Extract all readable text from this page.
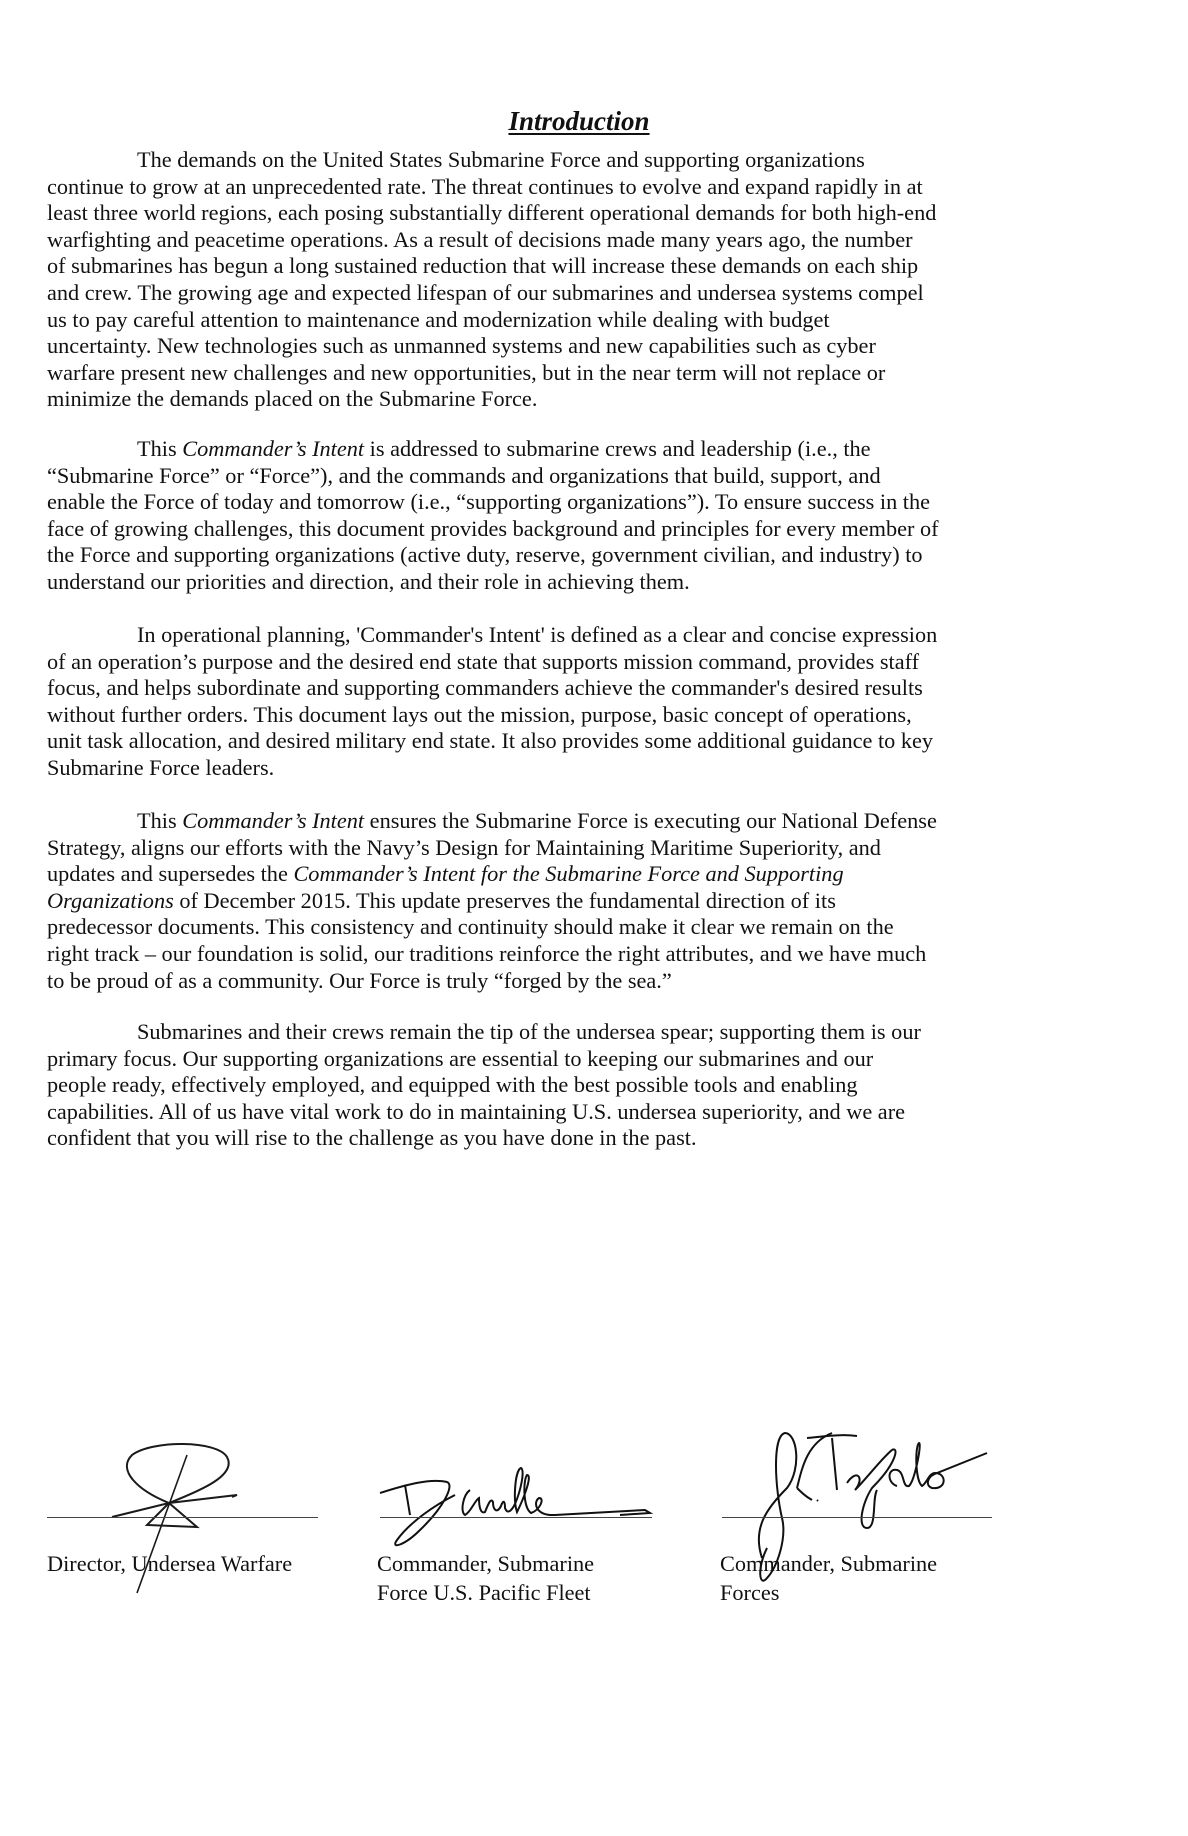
Introduction
The demands on the United States Submarine Force and supporting organizations
continue to grow at an unprecedented rate. The threat continues to evolve and expand rapidly in at
least three world regions, each posing substantially different operational demands for both high-end
warfighting and peacetime operations. As a result of decisions made many years ago, the number
of submarines has begun a long sustained reduction that will increase these demands on each ship
and crew. The growing age and expected lifespan of our submarines and undersea systems compel
us to pay careful attention to maintenance and modernization while dealing with budget
uncertainty. New technologies such as unmanned systems and new capabilities such as cyber
warfare present new challenges and new opportunities, but in the near term will not replace or
minimize the demands placed on the Submarine Force.
This Commander’s Intent is addressed to submarine crews and leadership (i.e., the
“Submarine Force” or “Force”), and the commands and organizations that build, support, and
enable the Force of today and tomorrow (i.e., “supporting organizations”). To ensure success in the
face of growing challenges, this document provides background and principles for every member of
the Force and supporting organizations (active duty, reserve, government civilian, and industry) to
understand our priorities and direction, and their role in achieving them.
In operational planning, 'Commander's Intent' is defined as a clear and concise expression
of an operation’s purpose and the desired end state that supports mission command, provides staff
focus, and helps subordinate and supporting commanders achieve the commander's desired results
without further orders. This document lays out the mission, purpose, basic concept of operations,
unit task allocation, and desired military end state. It also provides some additional guidance to key
Submarine Force leaders.
This Commander’s Intent ensures the Submarine Force is executing our National Defense
Strategy, aligns our efforts with the Navy’s Design for Maintaining Maritime Superiority, and
updates and supersedes the Commander’s Intent for the Submarine Force and Supporting
Organizations of December 2015. This update preserves the fundamental direction of its
predecessor documents. This consistency and continuity should make it clear we remain on the
right track – our foundation is solid, our traditions reinforce the right attributes, and we have much
to be proud of as a community. Our Force is truly “forged by the sea.”
Submarines and their crews remain the tip of the undersea spear; supporting them is our
primary focus. Our supporting organizations are essential to keeping our submarines and our
people ready, effectively employed, and equipped with the best possible tools and enabling
capabilities. All of us have vital work to do in maintaining U.S. undersea superiority, and we are
confident that you will rise to the challenge as you have done in the past.
Director, Undersea Warfare	Commander, Submarine
Force U.S. Pacific Fleet
Commander, Submarine
Forces
